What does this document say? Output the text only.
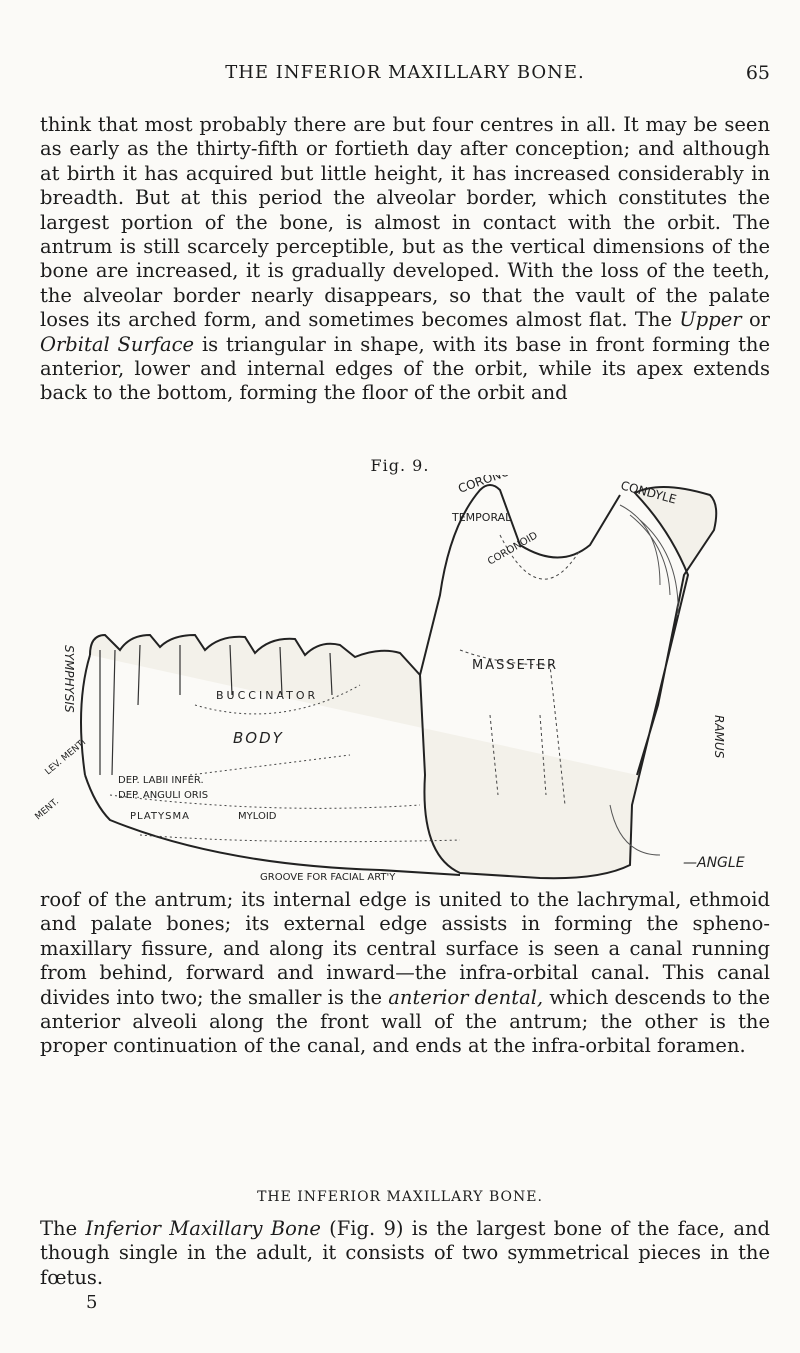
THE INFERIOR MAXILLARY BONE.	65

think that most probably there are but four centres in all. It may be seen as early as the thirty-fifth or fortieth day after conception; and although at birth it has acquired but little height, it has increased considerably in breadth. But at this period the alveolar border, which constitutes the largest portion of the bone, is almost in contact with the orbit. The antrum is still scarcely perceptible, but as the vertical dimensions of the bone are increased, it is gradually developed. With the loss of the teeth, the alveolar border nearly disappears, so that the vault of the palate loses its arched form, and sometimes becomes almost flat. The Upper or Orbital Surface is triangular in shape, with its base in front forming the anterior, lower and internal edges of the orbit, while its apex extends back to the bottom, forming the floor of the orbit and

Fig. 9.	CORONOID	CONDYLE
TEMPORAL
CORONOID
MASSETER
BUCCINATOR
BODY
DEP. LABII INFER.
DEP. ANGULI ORIS
PLATYSMA	MYLOID
GROOVE FOR FACIAL ART'Y
—ANGLE
RAMUS
SYMPHYSIS
LEV. MENTI
MENT.

roof of the antrum; its internal edge is united to the lachrymal, ethmoid and palate bones; its external edge assists in forming the spheno-maxillary fissure, and along its central surface is seen a canal running from behind, forward and inward—the infra-orbital canal. This canal divides into two; the smaller is the anterior dental, which descends to the anterior alveoli along the front wall of the antrum; the other is the proper continuation of the canal, and ends at the infra-orbital foramen.

THE INFERIOR MAXILLARY BONE.

The Inferior Maxillary Bone (Fig. 9) is the largest bone of the face, and though single in the adult, it consists of two symmetrical pieces in the fœtus.

5
